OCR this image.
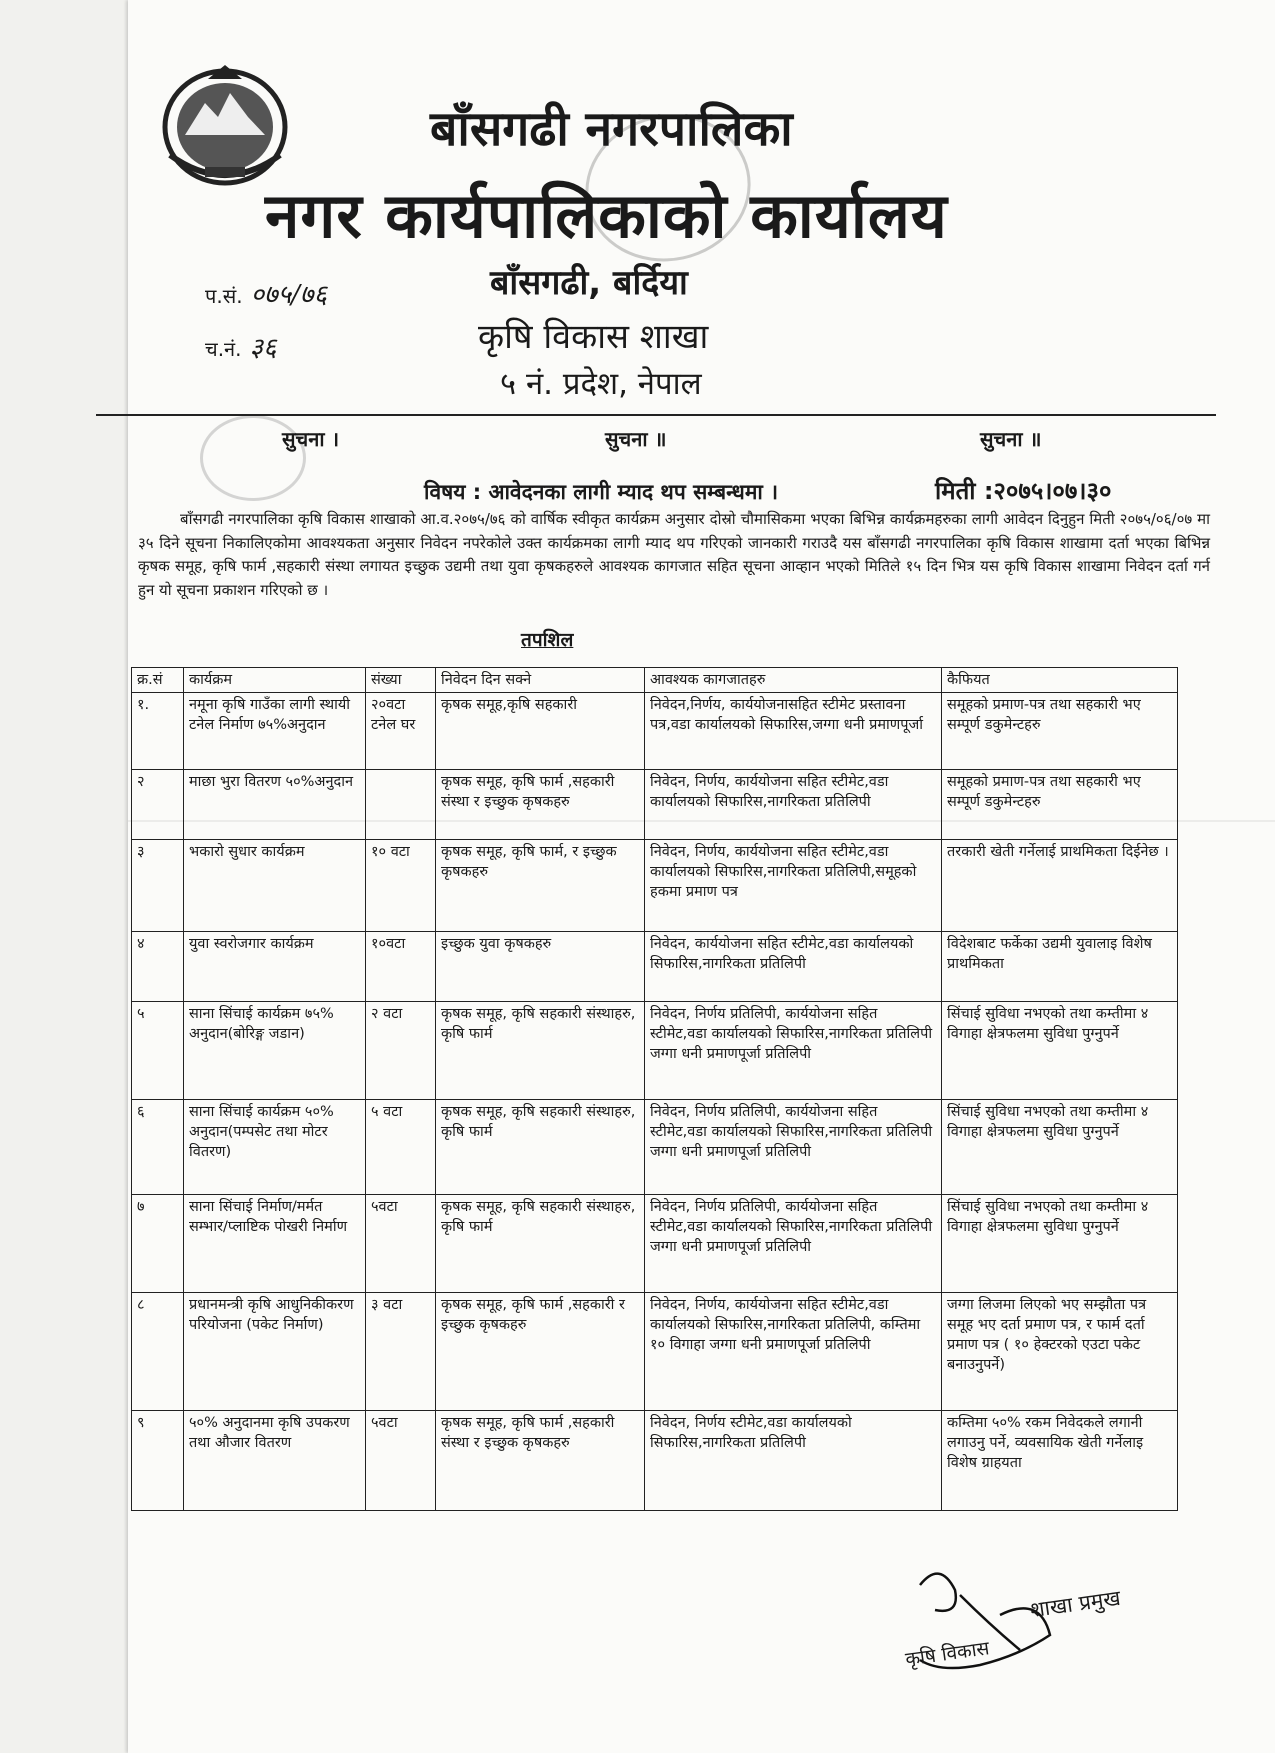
बाँसगढी नगरपालिका
नगर कार्यपालिकाको कार्यालय
बाँसगढी, बर्दिया
कृषि विकास शाखा
५ नं. प्रदेश, नेपाल
प.सं. ०७५/७६
च.नं. ३६
सुचना ।	सुचना ॥	सुचना ॥
विषय : आवेदनका लागी म्याद थप सम्बन्धमा ।	मिती :२०७५।०७।३०
बाँसगढी नगरपालिका कृषि विकास शाखाको आ.व.२०७५/७६ को वार्षिक स्वीकृत कार्यक्रम अनुसार दोस्रो चौमासिकमा भएका बिभिन्न कार्यक्रमहरुका लागी आवेदन दिनुहुन मिती २०७५/०६/०७ मा ३५ दिने सूचना निकालिएकोमा आवश्यकता अनुसार निवेदन नपरेकोले उक्त कार्यक्रमका लागी म्याद थप गरिएको जानकारी गराउदै यस बाँसगढी नगरपालिका कृषि विकास शाखामा दर्ता भएका बिभिन्न कृषक समूह, कृषि फार्म ,सहकारी संस्था लगायत इच्छुक उद्यमी तथा युवा कृषकहरुले आवश्यक कागजात सहित सूचना आव्हान भएको मितिले १५ दिन भित्र यस कृषि विकास शाखामा निवेदन दर्ता गर्न हुन यो सूचना प्रकाशन गरिएको छ ।
तपशिल
क्र.सं	कार्यक्रम	संख्या	निवेदन दिन सक्ने	आवश्यक कागजातहरु	कैफियत
१.	नमूना कृषि गाउँका लागी स्थायी टनेल निर्माण ७५%अनुदान	२०वटा टनेल घर	कृषक समूह,कृषि सहकारी	निवेदन,निर्णय, कार्ययोजनासहित स्टीमेट प्रस्तावना पत्र,वडा कार्यालयको सिफारिस,जग्गा धनी प्रमाणपूर्जा	समूहको प्रमाण-पत्र तथा सहकारी भए सम्पूर्ण डकुमेन्टहरु
२	माछा भुरा वितरण ५०%अनुदान		कृषक समूह, कृषि फार्म ,सहकारी संस्था र इच्छुक कृषकहरु	निवेदन, निर्णय, कार्ययोजना सहित स्टीमेट,वडा कार्यालयको सिफारिस,नागरिकता प्रतिलिपी	समूहको प्रमाण-पत्र तथा सहकारी भए सम्पूर्ण डकुमेन्टहरु
३	भकारो सुधार कार्यक्रम	१० वटा	कृषक समूह, कृषि फार्म, र इच्छुक कृषकहरु	निवेदन, निर्णय, कार्ययोजना सहित स्टीमेट,वडा कार्यालयको सिफारिस,नागरिकता प्रतिलिपी,समूहको हकमा प्रमाण पत्र	तरकारी खेती गर्नेलाई प्राथमिकता दिईनेछ ।
४	युवा स्वरोजगार कार्यक्रम	१०वटा	इच्छुक युवा कृषकहरु	निवेदन, कार्ययोजना सहित स्टीमेट,वडा कार्यालयको सिफारिस,नागरिकता प्रतिलिपी	विदेशबाट फर्केका उद्यमी युवालाइ विशेष प्राथमिकता
५	साना सिंचाई कार्यक्रम ७५% अनुदान(बोरिङ्ग जडान)	२ वटा	कृषक समूह, कृषि सहकारी संस्थाहरु, कृषि फार्म	निवेदन, निर्णय प्रतिलिपी, कार्ययोजना सहित स्टीमेट,वडा कार्यालयको सिफारिस,नागरिकता प्रतिलिपी जग्गा धनी प्रमाणपूर्जा प्रतिलिपी	सिंचाई सुविधा नभएको तथा कम्तीमा ४ विगाहा क्षेत्रफलमा सुविधा पुग्नुपर्ने
६	साना सिंचाई कार्यक्रम ५०% अनुदान(पम्पसेट तथा मोटर वितरण)	५ वटा	कृषक समूह, कृषि सहकारी संस्थाहरु, कृषि फार्म	निवेदन, निर्णय प्रतिलिपी, कार्ययोजना सहित स्टीमेट,वडा कार्यालयको सिफारिस,नागरिकता प्रतिलिपी जग्गा धनी प्रमाणपूर्जा प्रतिलिपी	सिंचाई सुविधा नभएको तथा कम्तीमा ४ विगाहा क्षेत्रफलमा सुविधा पुग्नुपर्ने
७	साना सिंचाई निर्माण/मर्मत सम्भार/प्लाष्टिक पोखरी निर्माण	५वटा	कृषक समूह, कृषि सहकारी संस्थाहरु, कृषि फार्म	निवेदन, निर्णय प्रतिलिपी, कार्ययोजना सहित स्टीमेट,वडा कार्यालयको सिफारिस,नागरिकता प्रतिलिपी जग्गा धनी प्रमाणपूर्जा प्रतिलिपी	सिंचाई सुविधा नभएको तथा कम्तीमा ४ विगाहा क्षेत्रफलमा सुविधा पुग्नुपर्ने
८	प्रधानमन्त्री कृषि आधुनिकीकरण परियोजना (पकेट निर्माण)	३ वटा	कृषक समूह, कृषि फार्म ,सहकारी र इच्छुक कृषकहरु	निवेदन, निर्णय, कार्ययोजना सहित स्टीमेट,वडा कार्यालयको सिफारिस,नागरिकता प्रतिलिपी, कम्तिमा १० विगाहा जग्गा धनी प्रमाणपूर्जा प्रतिलिपी	जग्गा लिजमा लिएको भए सम्झौता पत्र समूह भए दर्ता प्रमाण पत्र, र फार्म दर्ता प्रमाण पत्र ( १० हेक्टरको एउटा पकेट बनाउनुपर्ने)
९	५०% अनुदानमा कृषि उपकरण तथा औजार वितरण	५वटा	कृषक समूह, कृषि फार्म ,सहकारी संस्था र इच्छुक कृषकहरु	निवेदन, निर्णय स्टीमेट,वडा कार्यालयको सिफारिस,नागरिकता प्रतिलिपी	कम्तिमा ५०% रकम निवेदकले लगानी लगाउनु पर्ने, व्यवसायिक खेती गर्नेलाइ विशेष ग्राहयता
शाखा प्रमुख
कृषि विकास
